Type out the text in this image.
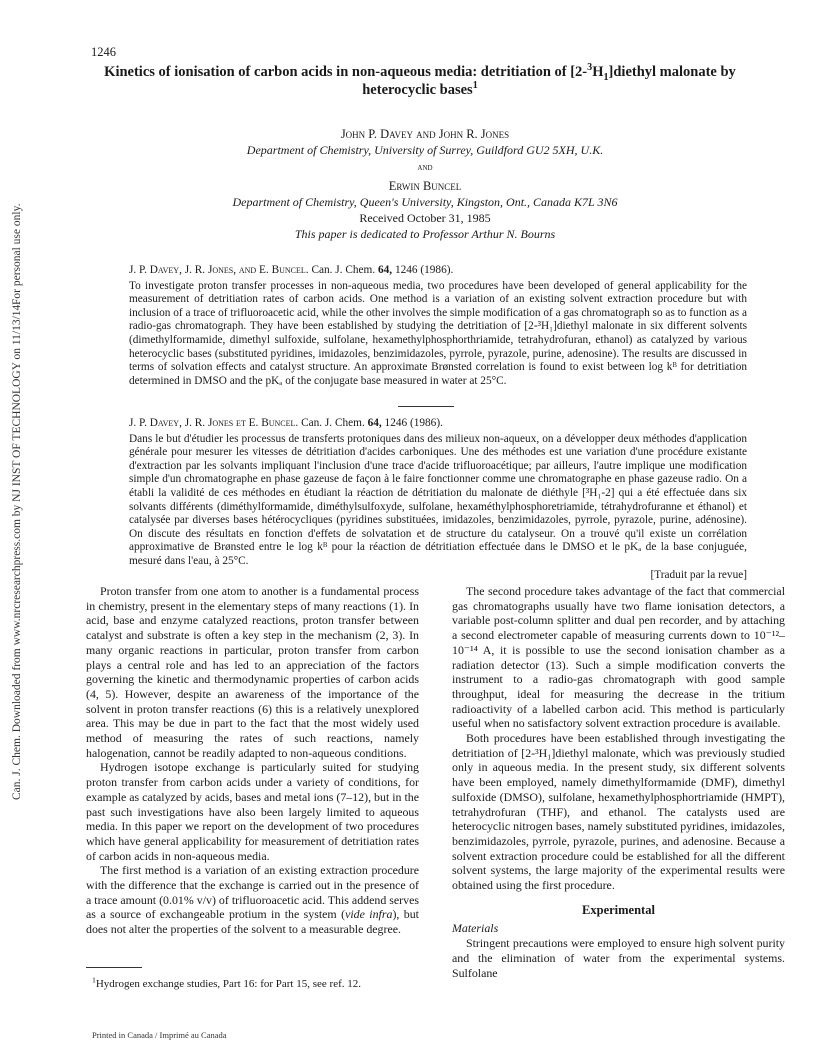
Can. J. Chem. Downloaded from www.nrcresearchpress.com by NJ INST OF TECHNOLOGY on 11/13/14
For personal use only.
1246
Kinetics of ionisation of carbon acids in non-aqueous media: detritiation of $[2-^3H_1]diethyl$ malonate by
heterocyclic bases$^1$
John P. Davey and John R. Jones
Department of Chemistry, University of Surrey, Guildford GU2 5XH, U.K.
and
Erwin Buncel
Department of Chemistry, Queen's University, Kingston, Ont., Canada K7L 3N6
Received October 31, 1985
This paper is dedicated to Professor Arthur N. Bourns
J. P. Davey, J. R. Jones, and E. Buncel. Can. J. Chem. 64, 1246 (1986).
To investigate proton transfer processes in non-aqueous media, two procedures have been developed of general applicability for the measurement of detritiation rates of carbon acids. One method is a variation of an existing solvent extraction procedure but with inclusion of a trace of trifluoroacetic acid, while the other involves the simple modification of a gas chromatograph so as to function as a radio-gas chromatograph. They have been established by studying the detritiation of [2-³H₁]diethyl malonate in six different solvents (dimethylformamide, dimethyl sulfoxide, sulfolane, hexamethylphosphorthriamide, tetrahydrofuran, ethanol) as catalyzed by various heterocyclic bases (substituted pyridines, imidazoles, benzimidazoles, pyrrole, pyrazole, purine, adenosine). The results are discussed in terms of solvation effects and catalyst structure. An approximate Brønsted correlation is found to exist between log kᴮ for detritiation determined in DMSO and the pKₐ of the conjugate base measured in water at 25°C.
J. P. Davey, J. R. Jones et E. Buncel. Can. J. Chem. 64, 1246 (1986).
Dans le but d'étudier les processus de transferts protoniques dans des milieux non-aqueux, on a développer deux méthodes d'application générale pour mesurer les vitesses de détritiation d'acides carboniques. Une des méthodes est une variation d'une procédure existante d'extraction par les solvants impliquant l'inclusion d'une trace d'acide trifluoroacétique; par ailleurs, l'autre implique une modification simple d'un chromatographe en phase gazeuse de façon à le faire fonctionner comme une chromatographe en phase gazeuse radio. On a établi la validité de ces méthodes en étudiant la réaction de détritiation du malonate de diéthyle [³H₁-2] qui a été effectuée dans six solvants différents (diméthylformamide, diméthylsulfoxyde, sulfolane, hexaméthylphosphoretriamide, tétrahydrofuranne et éthanol) et catalysée par diverses bases hétérocycliques (pyridines substituées, imidazoles, benzimidazoles, pyrrole, pyrazole, purine, adénosine). On discute des résultats en fonction d'effets de solvatation et de structure du catalyseur. On a trouvé qu'il existe un corrélation approximative de Brønsted entre le log kᴮ pour la réaction de détritiation effectuée dans le DMSO et le pKₐ de la base conjuguée, mesuré dans l'eau, à 25°C.
[Traduit par la revue]

Proton transfer from one atom to another is a fundamental process in chemistry, present in the elementary steps of many reactions (1). In acid, base and enzyme catalyzed reactions, proton transfer between catalyst and substrate is often a key step in the mechanism (2, 3). In many organic reactions in particular, proton transfer from carbon plays a central role and has led to an appreciation of the factors governing the kinetic and thermodynamic properties of carbon acids (4, 5). However, despite an awareness of the importance of the solvent in proton transfer reactions (6) this is a relatively unexplored area. This may be due in part to the fact that the most widely used method of measuring the rates of such reactions, namely halogenation, cannot be readily adapted to non-aqueous conditions.

Hydrogen isotope exchange is particularly suited for studying proton transfer from carbon acids under a variety of conditions, for example as catalyzed by acids, bases and metal ions (7–12), but in the past such investigations have also been largely limited to aqueous media. In this paper we report on the development of two procedures which have general applicability for measurement of detritiation rates of carbon acids in non-aqueous media.

The first method is a variation of an existing extraction procedure with the difference that the exchange is carried out in the presence of a trace amount (0.01% v/v) of trifluoroacetic acid. This addend serves as a source of exchangeable protium in the system (vide infra), but does not alter the properties of the solvent to a measurable degree.

The second procedure takes advantage of the fact that commercial gas chromatographs usually have two flame ionisation detectors, a variable post-column splitter and dual pen recorder, and by attaching a second electrometer capable of measuring currents down to 10⁻¹²–10⁻¹⁴ A, it is possible to use the second ionisation chamber as a radiation detector (13). Such a simple modification converts the instrument to a radio-gas chromatograph with good sample throughput, ideal for measuring the decrease in the tritium radioactivity of a labelled carbon acid. This method is particularly useful when no satisfactory solvent extraction procedure is available.

Both procedures have been established through investigating the detritiation of [2-³H₁]diethyl malonate, which was previously studied only in aqueous media. In the present study, six different solvents have been employed, namely dimethylformamide (DMF), dimethyl sulfoxide (DMSO), sulfolane, hexamethylphosphortriamide (HMPT), tetrahydrofuran (THF), and ethanol. The catalysts used are heterocyclic nitrogen bases, namely substituted pyridines, imidazoles, benzimidazoles, pyrrole, pyrazole, purines, and adenosine. Because a solvent extraction procedure could be established for all the different solvent systems, the large majority of the experimental results were obtained using the first procedure.

Experimental
Materials

Stringent precautions were employed to ensure high solvent purity and the elimination of water from the experimental systems. Sulfolane

$^1$Hydrogen exchange studies, Part 16: for Part 15, see ref. 12.
Printed in Canada / Imprimé au Canada
